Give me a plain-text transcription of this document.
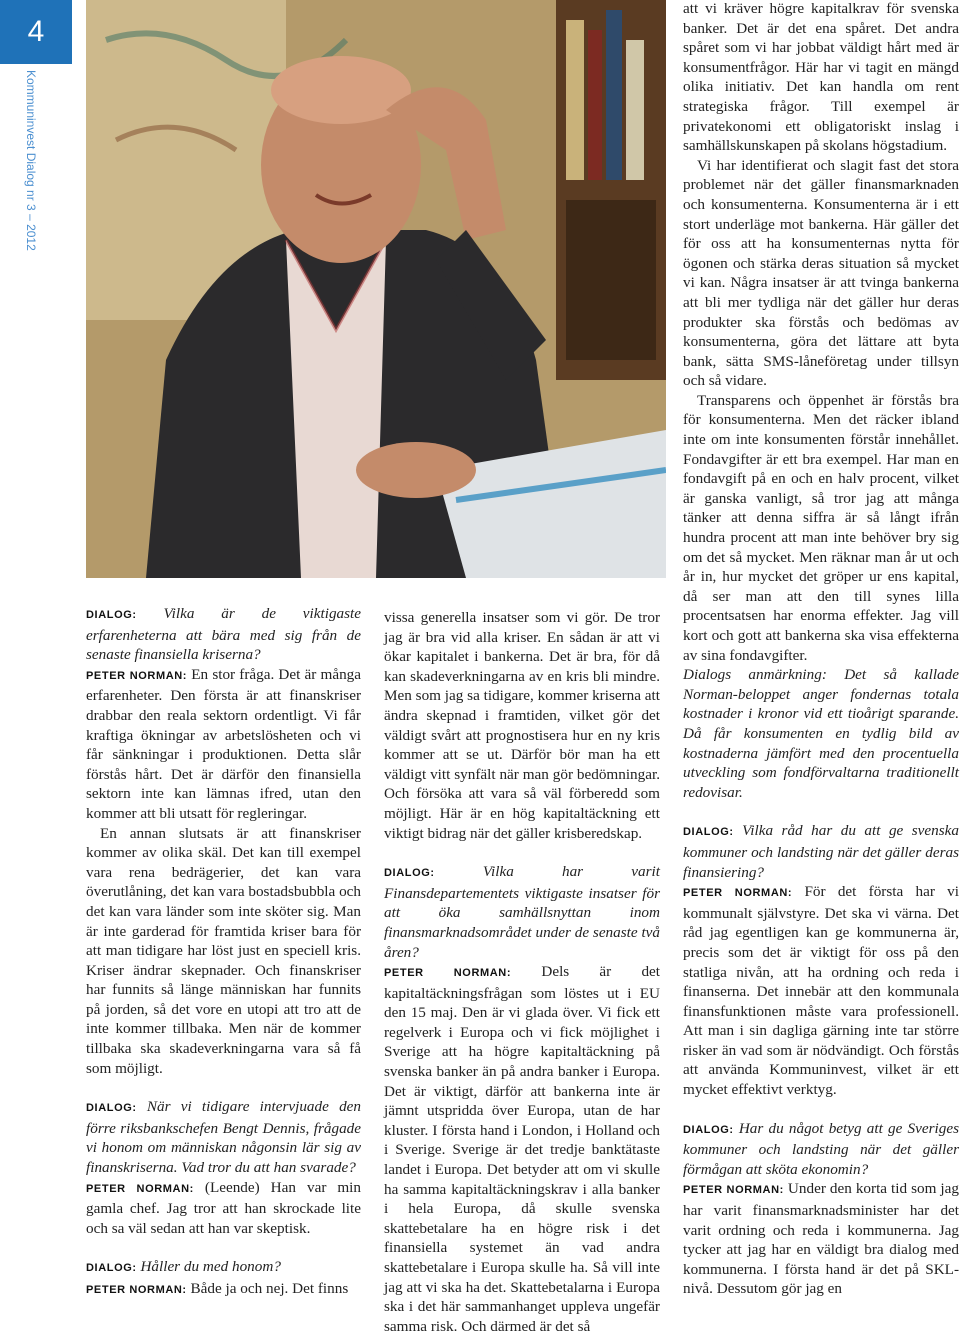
4
Kommuninvest Dialog nr 3 – 2012

DIALOG: Vilka är de viktigaste erfarenheterna att bära med sig från de senaste finansiella kriserna?

PETER NORMAN: En stor fråga. Det är många erfarenheter. Den första är att finanskriser drabbar den reala sektorn ordentligt. Vi får kraftiga ökningar av arbetslösheten och vi får sänkningar i produktionen. Detta slår förstås hårt. Det är därför den finansiella sektorn inte kan lämnas ifred, utan den kommer att bli utsatt för regleringar.

En annan slutsats är att finanskriser kommer av olika skäl. Det kan till exempel vara rena bedrägerier, det kan vara överutlåning, det kan vara bostadsbubbla och det kan vara länder som inte sköter sig. Man är inte garderad för framtida kriser bara för att man tidigare har löst just en speciell kris. Kriser ändrar skepnader. Och finanskriser har funnits så länge människan har funnits på jorden, så det vore en utopi att tro att de inte kommer tillbaka. Men när de kommer tillbaka ska skadeverkningarna vara så få som möjligt.

DIALOG: När vi tidigare intervjuade den förre riksbankschefen Bengt Dennis, frågade vi honom om människan någonsin lär sig av finanskriserna. Vad tror du att han svarade?

PETER NORMAN: (Leende) Han var min gamla chef. Jag tror att han skrockade lite och sa väl sedan att han var skeptisk.

DIALOG: Håller du med honom?

PETER NORMAN: Både ja och nej. Det finns

vissa generella insatser som vi gör. De tror jag är bra vid alla kriser. En sådan är att vi ökar kapitalet i bankerna. Det är bra, för då kan skadeverkningarna av en kris bli mindre. Men som jag sa tidigare, kommer kriserna att ändra skepnad i framtiden, vilket gör det väldigt svårt att prognostisera hur en ny kris kommer att se ut. Därför bör man ha ett väldigt vitt synfält när man gör bedömningar. Och försöka att vara så väl förberedd som möjligt. Här är en hög kapitaltäckning ett viktigt bidrag när det gäller krisberedskap.

DIALOG:	Vilka har varit Finansdepartementets viktigaste insatser för att öka samhällsnyttan inom finansmarknadsområdet under de senaste två åren?

PETER NORMAN: Dels är det kapitaltäckningsfrågan som löstes ut i EU den 15 maj. Den är vi glada över. Vi fick ett regelverk i Europa och vi fick möjlighet i Sverige att ha högre kapitaltäckning på svenska banker än på andra banker i Europa. Det är viktigt, därför att bankerna inte är jämnt utspridda över Europa, utan de har kluster. I första hand i London, i Holland och i Sverige. Sverige är det tredje banktätaste landet i Europa. Det betyder att om vi skulle ha samma kapitaltäckningskrav i alla banker i hela Europa, då skulle svenska skattebetalare ha en högre risk i det finansiella systemet än vad andra skattebetalare i Europa skulle ha. Så vill inte jag att vi ska ha det. Skattebetalarna i Europa ska i det här sammanhanget uppleva ungefär samma risk. Och därmed är det så

att vi kräver högre kapitalkrav för svenska banker. Det är det ena spåret. Det andra spåret som vi har jobbat väldigt hårt med är konsumentfrågor. Här har vi tagit en mängd olika initiativ. Det kan handla om rent strategiska frågor. Till exempel är privatekonomi ett obligatoriskt inslag i samhällskunskapen på skolans högstadium.

Vi har identifierat och slagit fast det stora problemet när det gäller finansmarknaden och konsumenterna. Konsumenterna är i ett stort underläge mot bankerna. Här gäller det för oss att ha konsumenternas nytta för ögonen och stärka deras situation så mycket vi kan. Några insatser är att tvinga bankerna att bli mer tydliga när det gäller hur deras produkter ska förstås och bedömas av konsumenterna, göra det lättare att byta bank, sätta SMS-låneföretag under tillsyn och så vidare.

Transparens och öppenhet är förstås bra för konsumenterna. Men det räcker ibland inte om inte konsumenten förstår innehållet. Fondavgifter är ett bra exempel. Har man en fondavgift på en och en halv procent, vilket är ganska vanligt, så tror jag att många tänker att denna siffra är så långt ifrån hundra procent att man inte behöver bry sig om det så mycket. Men räknar man år ut och år in, hur mycket det gröper ur ens kapital, då ser man att den till synes lilla procentsatsen har enorma effekter. Jag vill kort och gott att bankerna ska visa effekterna av sina fondavgifter.

Dialogs anmärkning: Det så kallade Norman-beloppet anger fondernas totala kostnader i kronor vid ett tioårigt sparande. Då får konsumenten en tydlig bild av kostnaderna jämfört med den procentuella utveckling som fondförvaltarna traditionellt redovisar.

DIALOG: Vilka råd har du att ge svenska kommuner och landsting när det gäller deras finansiering?

PETER NORMAN: För det första har vi kommunalt självstyre. Det ska vi värna. Det råd jag egentligen kan ge kommunerna är, precis som det är viktigt för oss på den statliga nivån, att ha ordning och reda i finanserna. Det innebär att den kommunala finansfunktionen måste vara professionell. Att man i sin dagliga gärning inte tar större risker än vad som är nödvändigt. Och förstås att använda Kommuninvest, vilket är ett mycket effektivt verktyg.

DIALOG: Har du något betyg att ge Sveriges kommuner och landsting när det gäller förmågan att sköta ekonomin?

PETER NORMAN: Under den korta tid som jag har varit finansmarknadsminister har det varit ordning och reda i kommunerna. Jag tycker att jag har en väldigt bra dialog med kommunerna. I första hand är det på SKL-nivå. Dessutom gör jag en
